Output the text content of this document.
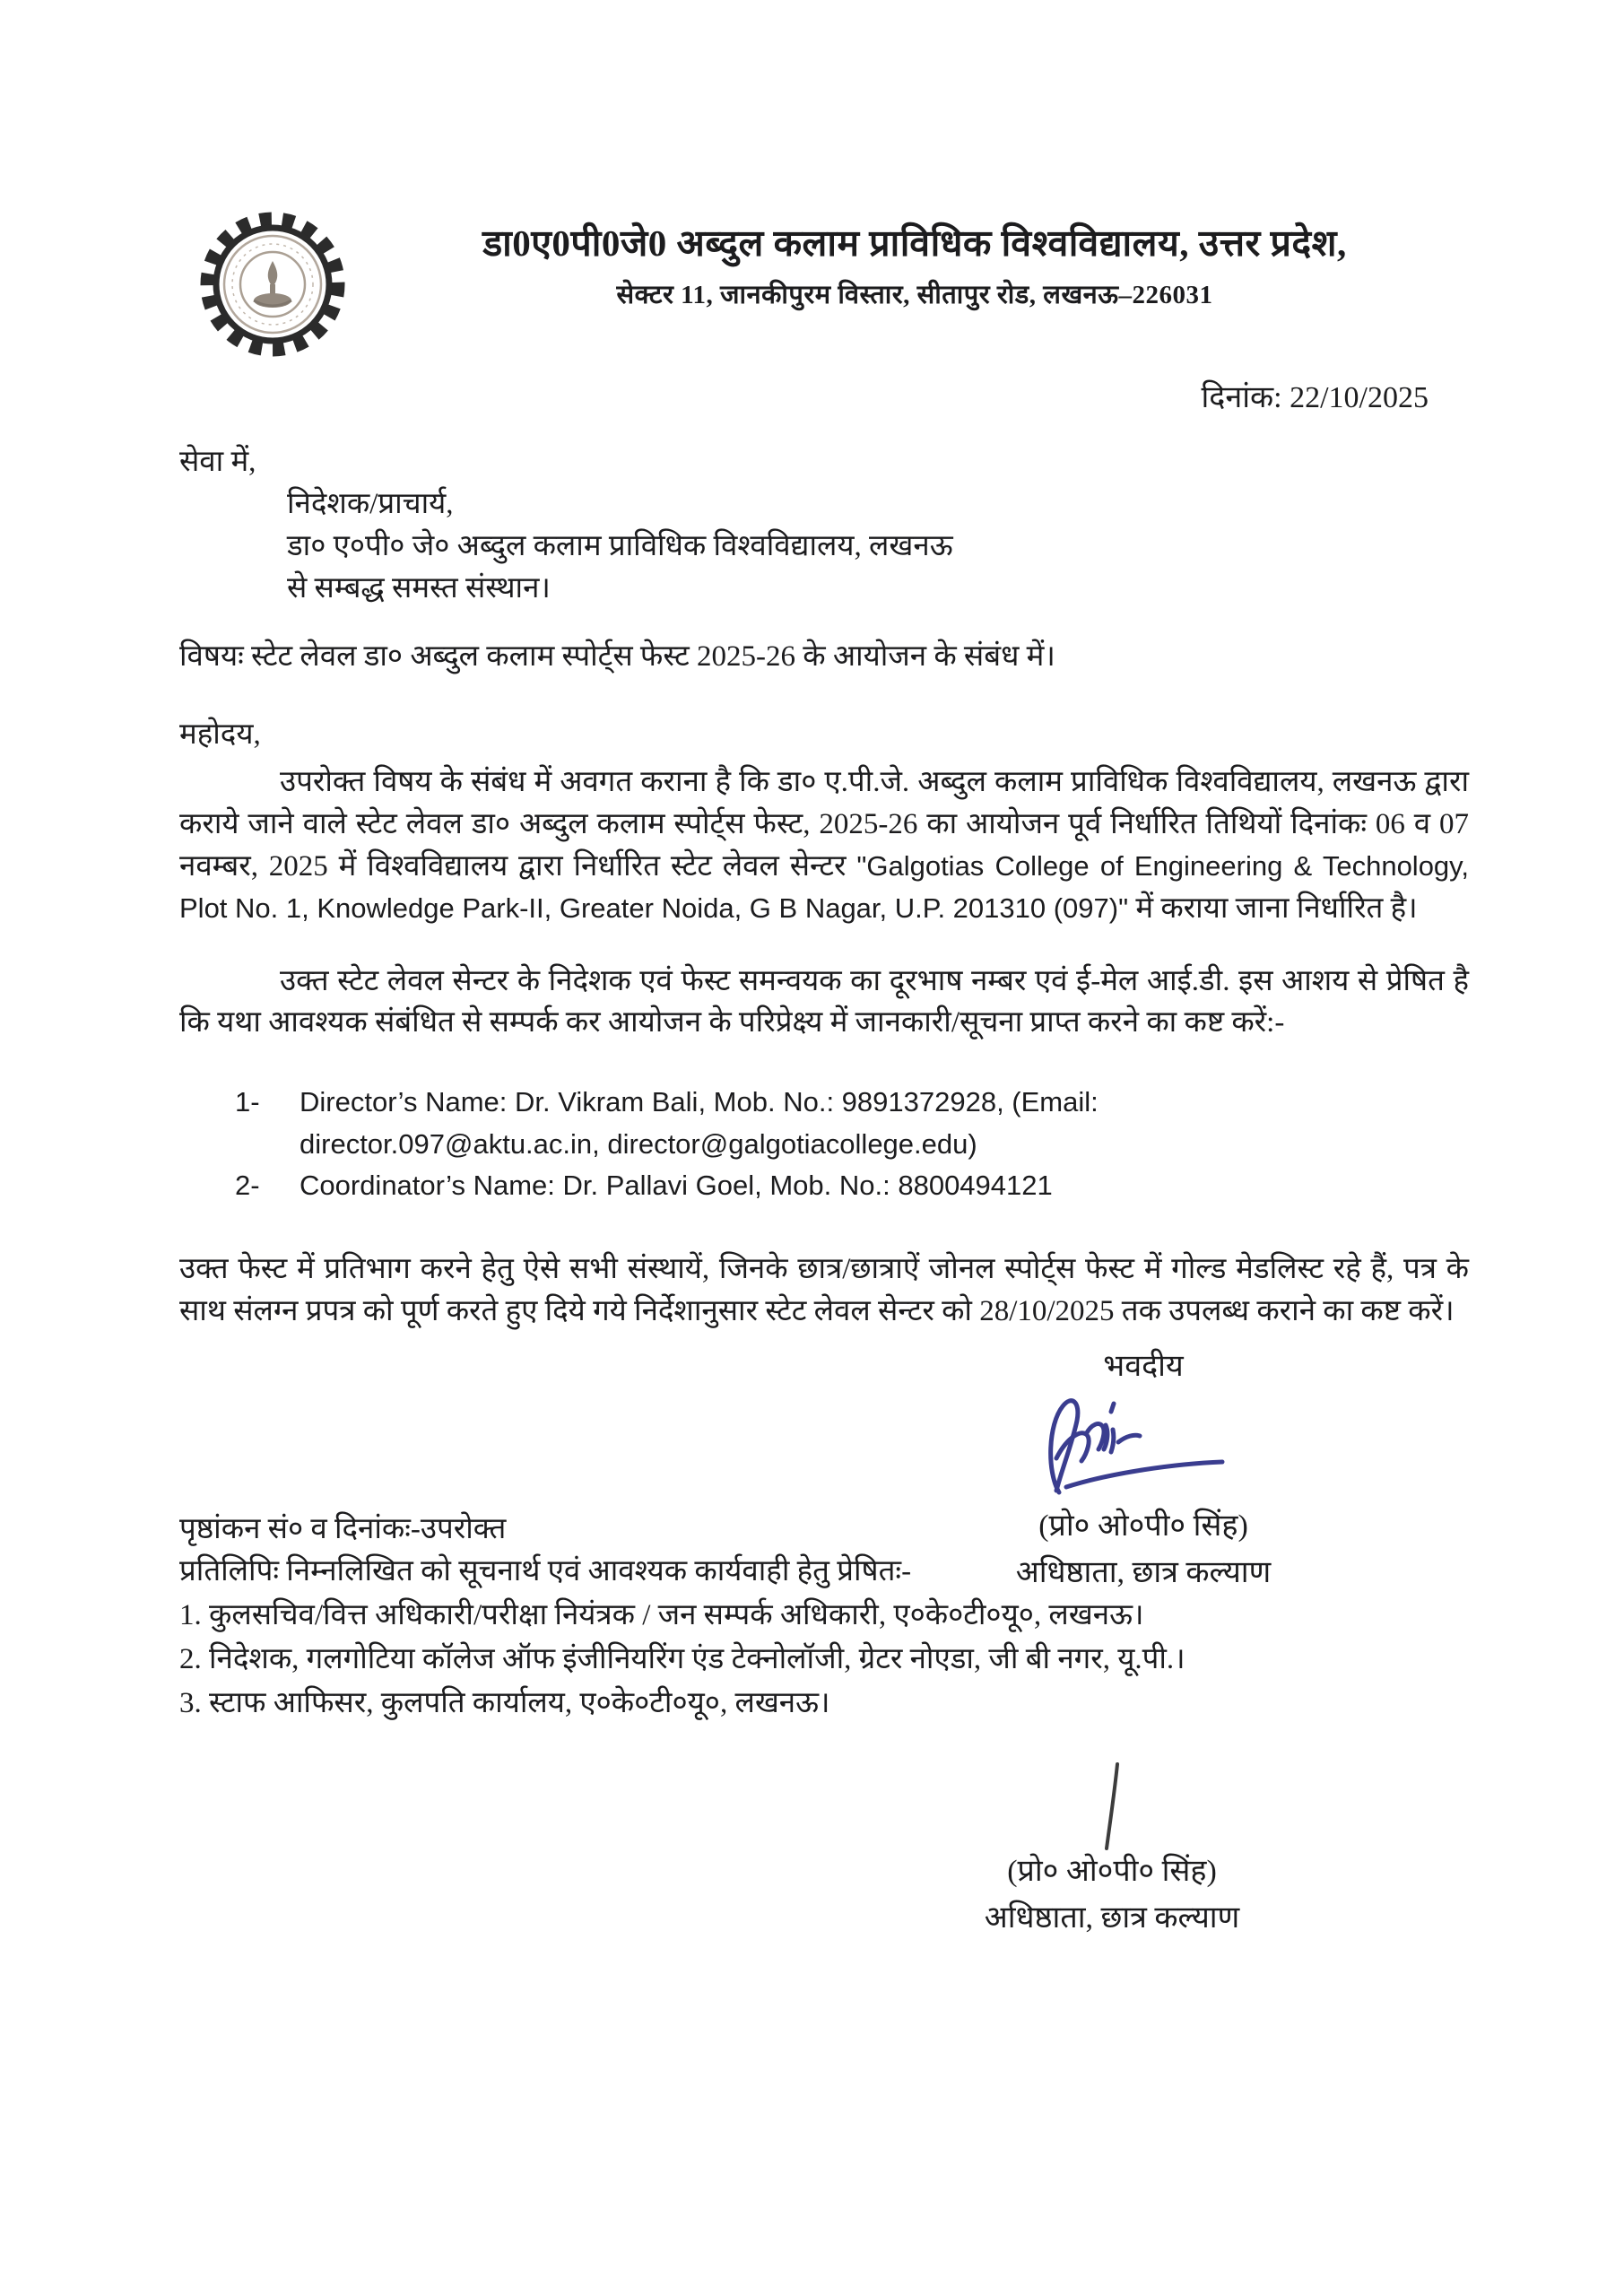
डा0ए0पी0जे0 अब्दुल कलाम प्राविधिक विश्वविद्यालय, उत्तर प्रदेश,
सेक्टर 11, जानकीपुरम विस्तार, सीतापुर रोड, लखनऊ–226031
दिनांक: 22/10/2025

सेवा में,

निदेशक/प्राचार्य,

डा० ए०पी० जे० अब्दुल कलाम प्राविधिक विश्वविद्यालय, लखनऊ

से सम्बद्ध समस्त संस्थान।

विषयः स्टेट लेवल डा० अब्दुल कलाम स्पोर्ट्स फेस्ट 2025-26 के आयोजन के संबंध में।

महोदय,

उपरोक्त विषय के संबंध में अवगत कराना है कि डा० ए.पी.जे. अब्दुल कलाम प्राविधिक विश्वविद्यालय, लखनऊ द्वारा कराये जाने वाले स्टेट लेवल डा० अब्दुल कलाम स्पोर्ट्स फेस्ट, 2025-26 का आयोजन पूर्व निर्धारित तिथियों दिनांकः 06 व 07 नवम्बर, 2025 में विश्वविद्यालय द्वारा निर्धारित स्टेट लेवल सेन्टर "Galgotias College of Engineering & Technology, Plot No. 1, Knowledge Park-II, Greater Noida, G B Nagar, U.P. 201310 (097)" में कराया जाना निर्धारित है।

उक्त स्टेट लेवल सेन्टर के निदेशक एवं फेस्ट समन्वयक का दूरभाष नम्बर एवं ई-मेल आई.डी. इस आशय से प्रेषित है कि यथा आवश्यक संबंधित से सम्पर्क कर आयोजन के परिप्रेक्ष्य में जानकारी/सूचना प्राप्त करने का कष्ट करें:-

1-	Director’s Name: Dr. Vikram Bali, Mob. No.: 9891372928, (Email: director.097@aktu.ac.in, director@galgotiacollege.edu)
2-	Coordinator’s Name: Dr. Pallavi Goel, Mob. No.: 8800494121

उक्त फेस्ट में प्रतिभाग करने हेतु ऐसे सभी संस्थायें, जिनके छात्र/छात्राऐं जोनल स्पोर्ट्स फेस्ट में गोल्ड मेडलिस्ट रहे हैं, पत्र के साथ संलग्न प्रपत्र को पूर्ण करते हुए दिये गये निर्देशानुसार स्टेट लेवल सेन्टर को 28/10/2025 तक उपलब्ध कराने का कष्ट करें।

भवदीय
(प्रो० ओ०पी० सिंह)
अधिष्ठाता, छात्र कल्याण

पृष्ठांकन सं० व दिनांकः-उपरोक्त

प्रतिलिपिः निम्नलिखित को सूचनार्थ एवं आवश्यक कार्यवाही हेतु प्रेषितः-

1. कुलसचिव/वित्त अधिकारी/परीक्षा नियंत्रक / जन सम्पर्क अधिकारी, ए०के०टी०यू०, लखनऊ।

2. निदेशक, गलगोटिया कॉलेज ऑफ इंजीनियरिंग एंड टेक्नोलॉजी, ग्रेटर नोएडा, जी बी नगर, यू.पी.।

3. स्टाफ आफिसर, कुलपति कार्यालय, ए०के०टी०यू०, लखनऊ।

(प्रो० ओ०पी० सिंह)
अधिष्ठाता, छात्र कल्याण
